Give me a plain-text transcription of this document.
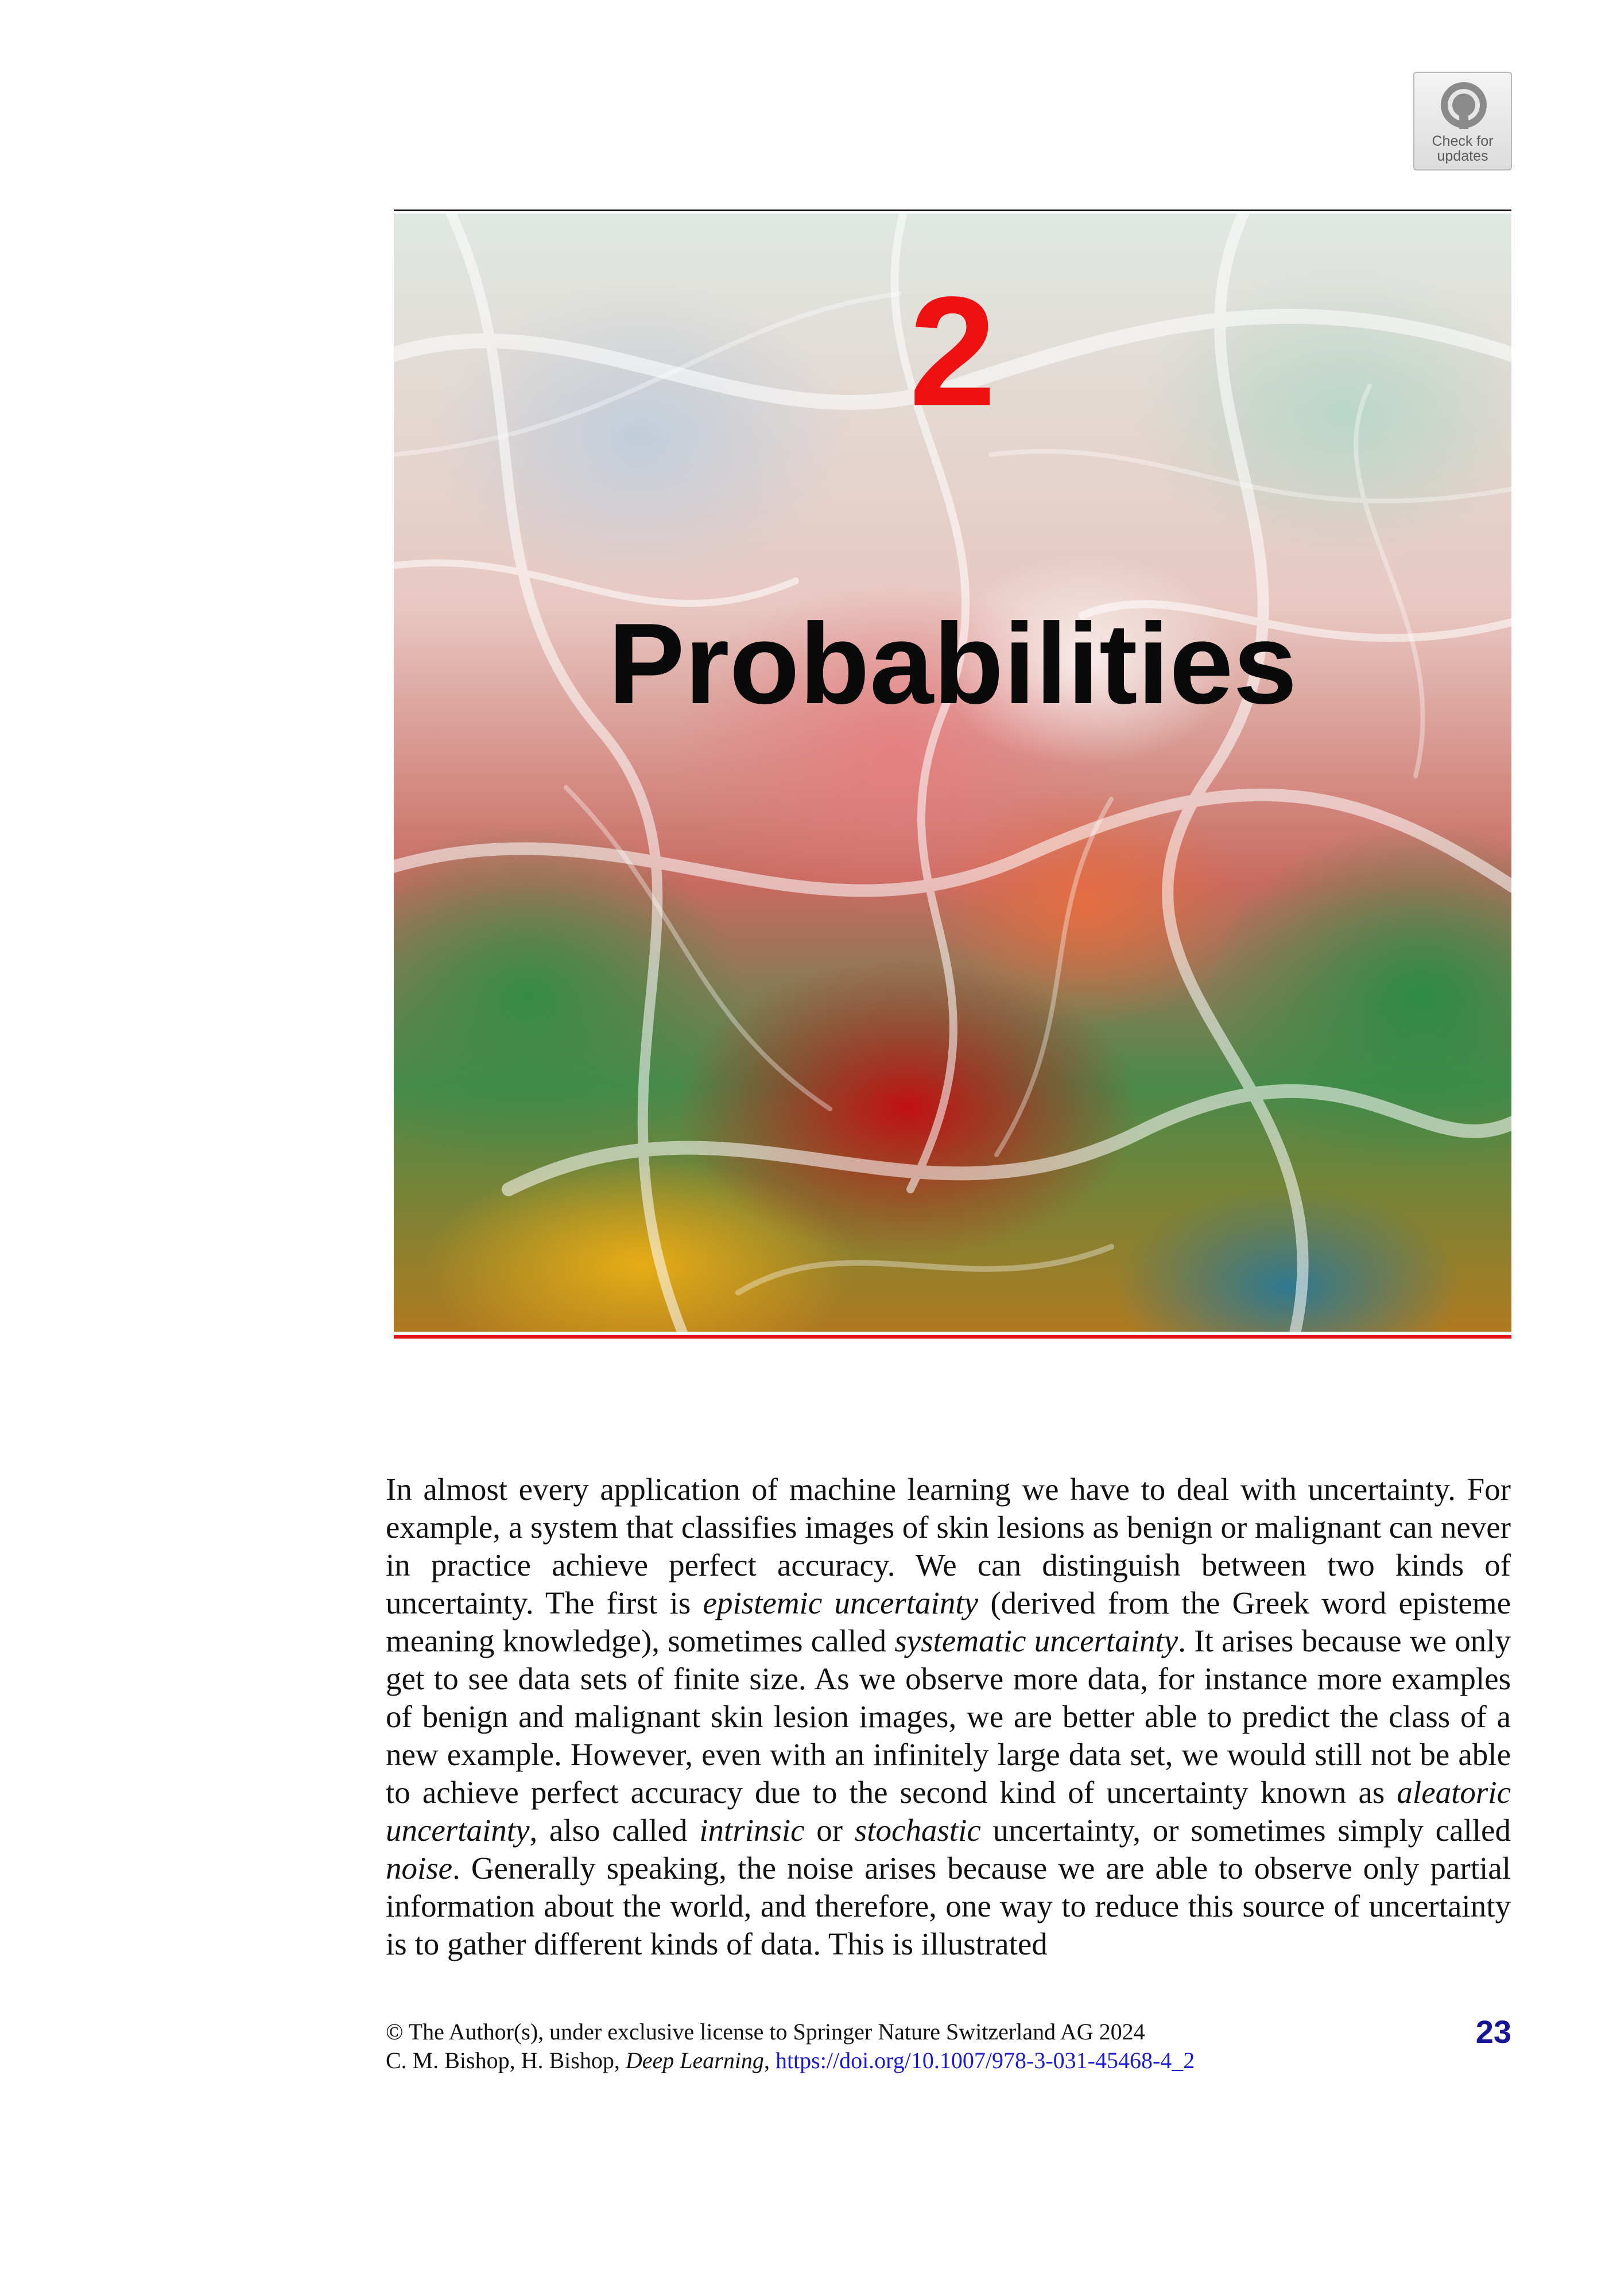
Check for
updates
2
Probabilities

In almost every application of machine learning we have to deal with uncertainty. For example, a system that classifies images of skin lesions as benign or malignant can never in practice achieve perfect accuracy. We can distinguish between two kinds of uncertainty. The first is epistemic uncertainty (derived from the Greek word episteme meaning knowledge), sometimes called systematic uncertainty. It arises because we only get to see data sets of finite size. As we observe more data, for instance more examples of benign and malignant skin lesion images, we are better able to predict the class of a new example. However, even with an infinitely large data set, we would still not be able to achieve perfect accuracy due to the second kind of uncertainty known as aleatoric uncertainty, also called intrinsic or stochastic uncertainty, or sometimes simply called noise. Generally speaking, the noise arises because we are able to observe only partial information about the world, and therefore, one way to reduce this source of uncertainty is to gather different kinds of data. This is illustrated

© The Author(s), under exclusive license to Springer Nature Switzerland AG 2024
C. M. Bishop, H. Bishop, Deep Learning, https://doi.org/10.1007/978-3-031-45468-4_2
23
